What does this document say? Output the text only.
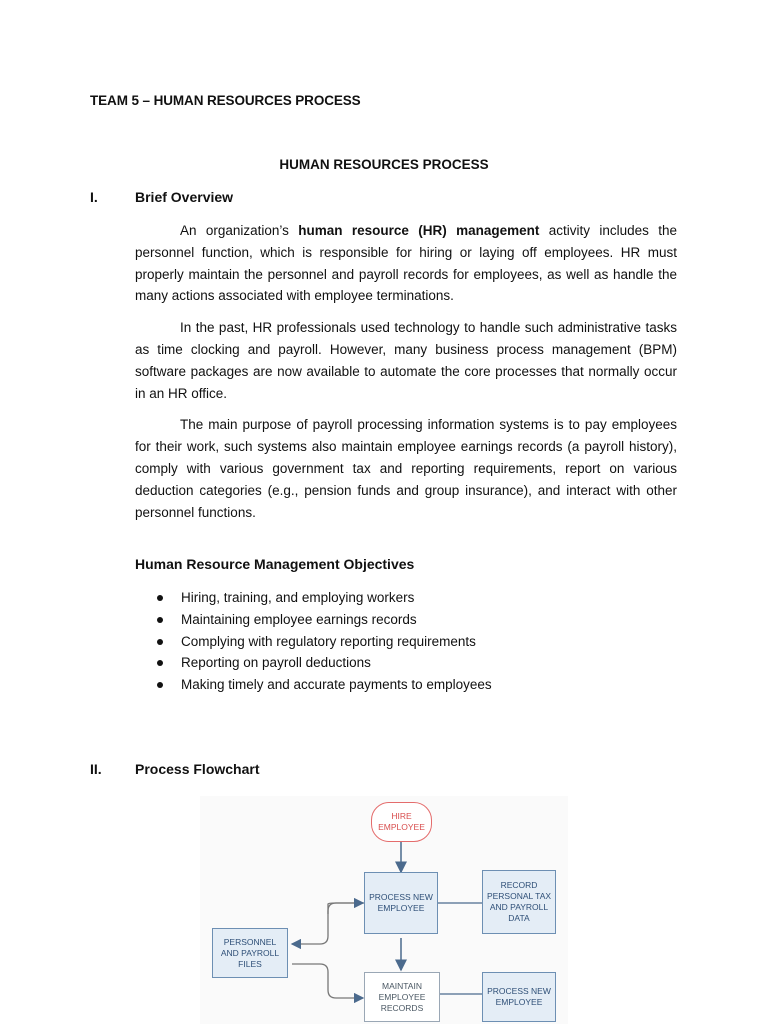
TEAM 5 – HUMAN RESOURCES PROCESS
HUMAN RESOURCES PROCESS
I.	Brief Overview

An organization’s human resource (HR) management activity includes the personnel function, which is responsible for hiring or laying off employees. HR must properly maintain the personnel and payroll records for employees, as well as handle the many actions associated with employee terminations.

In the past, HR professionals used technology to handle such administrative tasks as time clocking and payroll. However, many business process management (BPM) software packages are now available to automate the core processes that normally occur in an HR office.

The main purpose of payroll processing information systems is to pay employees for their work, such systems also maintain employee earnings records (a payroll history), comply with various government tax and reporting requirements, report on various deduction categories (e.g., pension funds and group insurance), and interact with other personnel functions.

Human Resource Management Objectives
Hiring, training, and employing workers
Maintaining employee earnings records
Complying with regulatory reporting requirements
Reporting on payroll deductions
Making timely and accurate payments to employees
II. Process Flowchart
HIRE
EMPLOYEE
PROCESS NEW
EMPLOYEE
RECORD
PERSONAL TAX
AND PAYROLL
DATA
PERSONNEL
AND PAYROLL
FILES
MAINTAIN
EMPLOYEE
RECORDS
PROCESS NEW
EMPLOYEE
